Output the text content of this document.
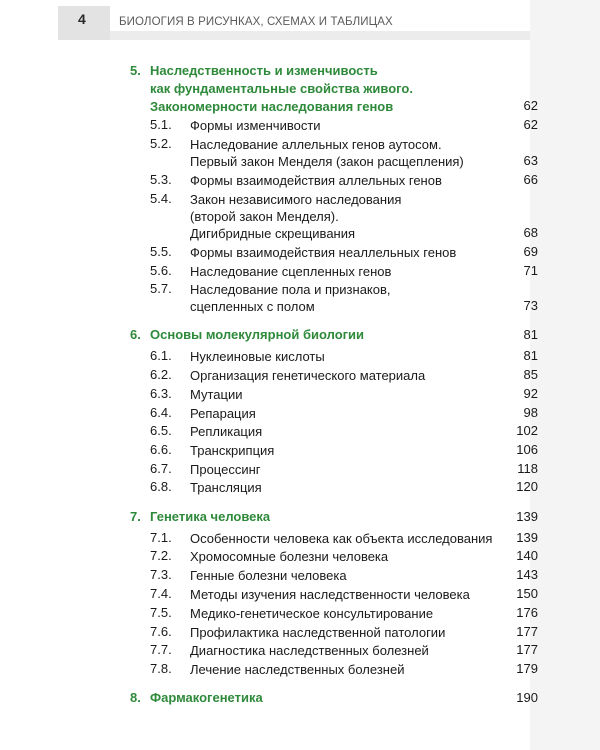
4	БИОЛОГИЯ В РИСУНКАХ, СХЕМАХ И ТАБЛИЦАХ
5. Наследственность и изменчивость
как фундаментальные свойства живого.
Закономерности наследования генов	62
5.1. Формы изменчивости	62
5.2. Наследование аллельных генов аутосом.
Первый закон Менделя (закон расщепления)	63
5.3. Формы взаимодействия аллельных генов	66
5.4. Закон независимого наследования
(второй закон Менделя).
Дигибридные скрещивания	68
5.5. Формы взаимодействия неаллельных генов	69
5.6. Наследование сцепленных генов	71
5.7. Наследование пола и признаков,
сцепленных с полом	73
6. Основы молекулярной биологии	81
6.1. Нуклеиновые кислоты	81
6.2. Организация генетического материала	85
6.3. Мутации	92
6.4. Репарация	98
6.5. Репликация	102
6.6. Транскрипция	106
6.7. Процессинг	118
6.8. Трансляция	120
7. Генетика человека	139
7.1. Особенности человека как объекта исследования	139
7.2. Хромосомные болезни человека	140
7.3. Генные болезни человека	143
7.4. Методы изучения наследственности человека	150
7.5. Медико-генетическое консультирование	176
7.6. Профилактика наследственной патологии	177
7.7. Диагностика наследственных болезней	177
7.8. Лечение наследственных болезней	179
8. Фармакогенетика	190
